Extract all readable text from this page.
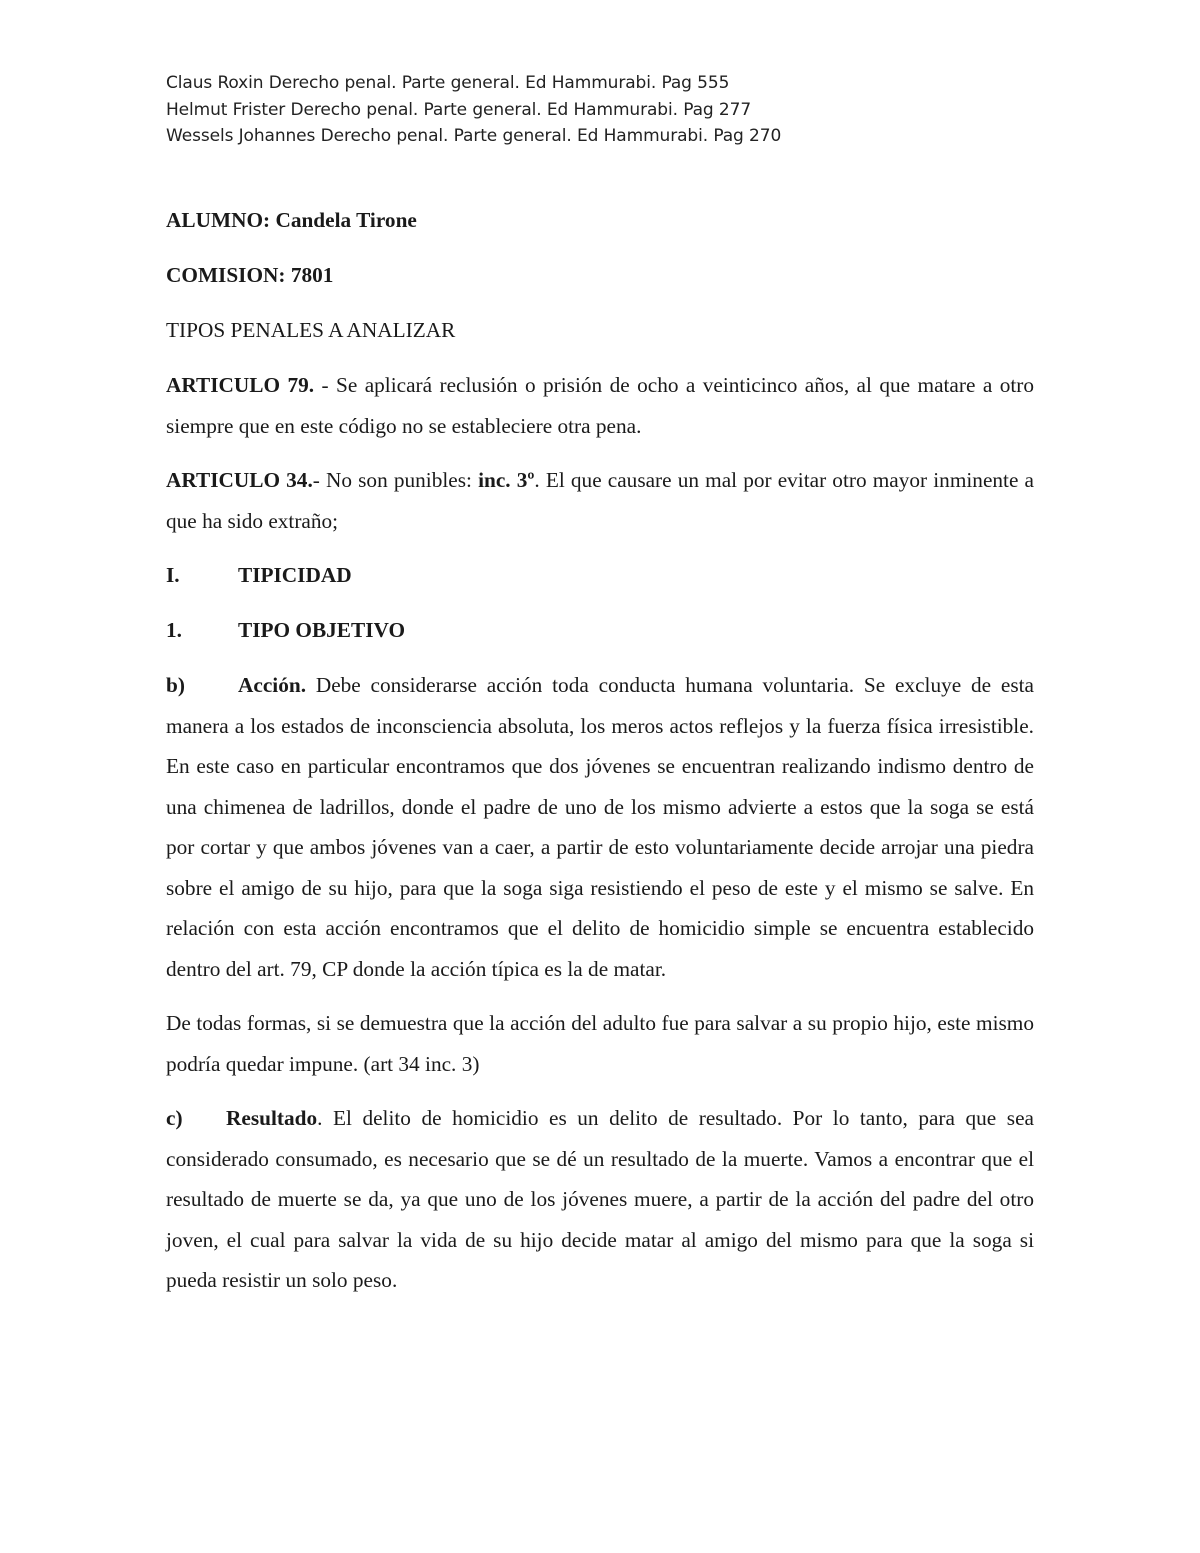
Claus Roxin Derecho penal. Parte general. Ed Hammurabi. Pag 555
Helmut Frister Derecho penal. Parte general. Ed Hammurabi. Pag 277
Wessels Johannes Derecho penal. Parte general. Ed Hammurabi. Pag 270

ALUMNO: Candela Tirone

COMISION: 7801

TIPOS PENALES A ANALIZAR

ARTICULO 79. - Se aplicará reclusión o prisión de ocho a veinticinco años, al que matare a otro siempre que en este código no se estableciere otra pena.

ARTICULO 34.- No son punibles: inc. 3º. El que causare un mal por evitar otro mayor inminente a que ha sido extraño;

I.	TIPICIDAD
1.	TIPO OBJETIVO

b) Acción. Debe considerarse acción toda conducta humana voluntaria. Se excluye de esta manera a los estados de inconsciencia absoluta, los meros actos reflejos y la fuerza física irresistible. En este caso en particular encontramos que dos jóvenes se encuentran realizando indismo dentro de una chimenea de ladrillos, donde el padre de uno de los mismo advierte a estos que la soga se está por cortar y que ambos jóvenes van a caer, a partir de esto voluntariamente decide arrojar una piedra sobre el amigo de su hijo, para que la soga siga resistiendo el peso de este y el mismo se salve. En relación con esta acción encontramos que el delito de homicidio simple se encuentra establecido dentro del art. 79, CP donde la acción típica es la de matar.

De todas formas, si se demuestra que la acción del adulto fue para salvar a su propio hijo, este mismo podría quedar impune. (art 34 inc. 3)

c) Resultado. El delito de homicidio es un delito de resultado. Por lo tanto, para que sea considerado consumado, es necesario que se dé un resultado de la muerte. Vamos a encontrar que el resultado de muerte se da, ya que uno de los jóvenes muere, a partir de la acción del padre del otro joven, el cual para salvar la vida de su hijo decide matar al amigo del mismo para que la soga si pueda resistir un solo peso.
